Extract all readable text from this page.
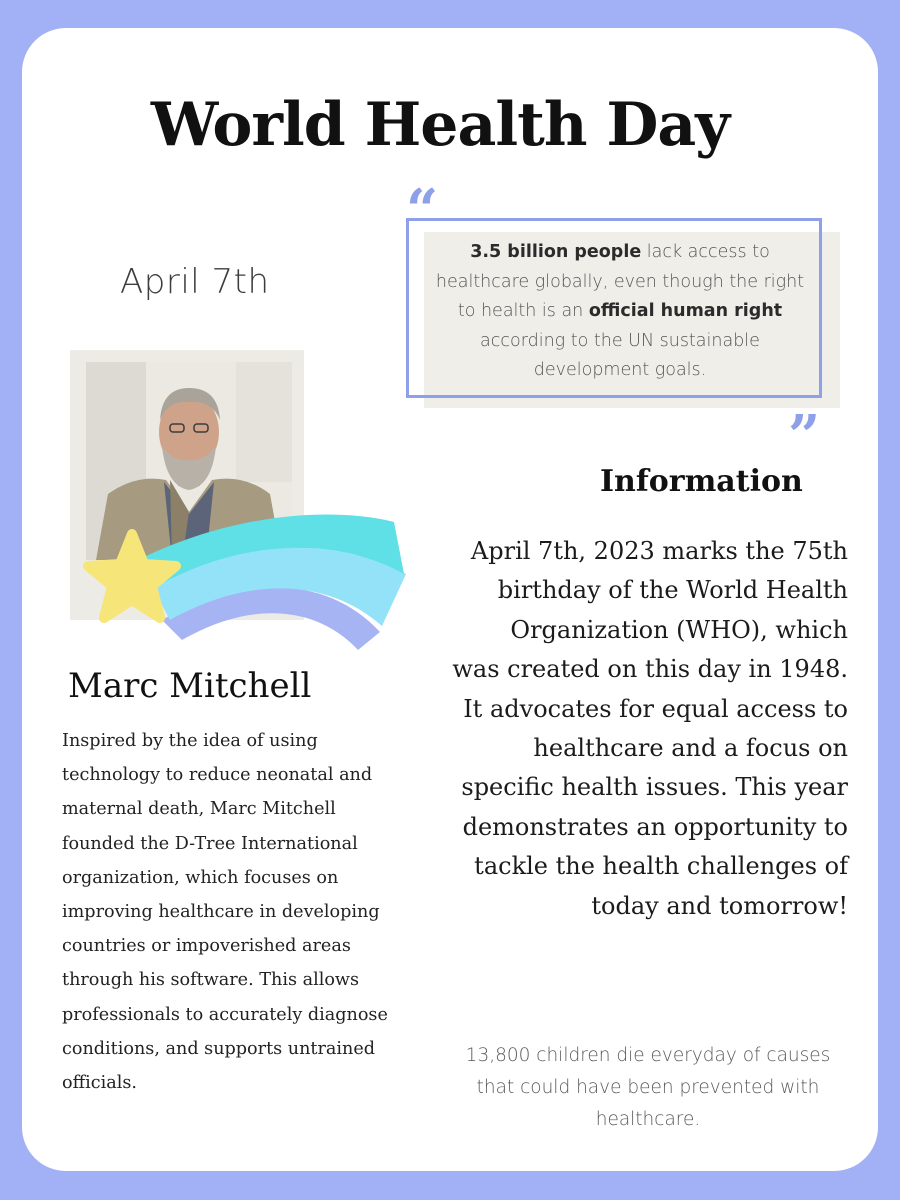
World Health Day
April 7th
“

3.5 billion people lack access to healthcare globally, even though the right to health is an official human right according to the UN sustainable development goals.

”
Marc Mitchell

Inspired by the idea of using technology to reduce neonatal and maternal death, Marc Mitchell founded the D-Tree International organization, which focuses on improving healthcare in developing countries or impoverished areas through his software. This allows professionals to accurately diagnose conditions, and supports untrained officials.

Information

April 7th, 2023 marks the 75th
birthday of the World Health
Organization (WHO), which
was created on this day in 1948.
It advocates for equal access to
healthcare and a focus on
specific health issues. This year
demonstrates an opportunity to
tackle the health challenges of
today and tomorrow!

13,800 children die everyday of causes that could have been prevented with healthcare.
